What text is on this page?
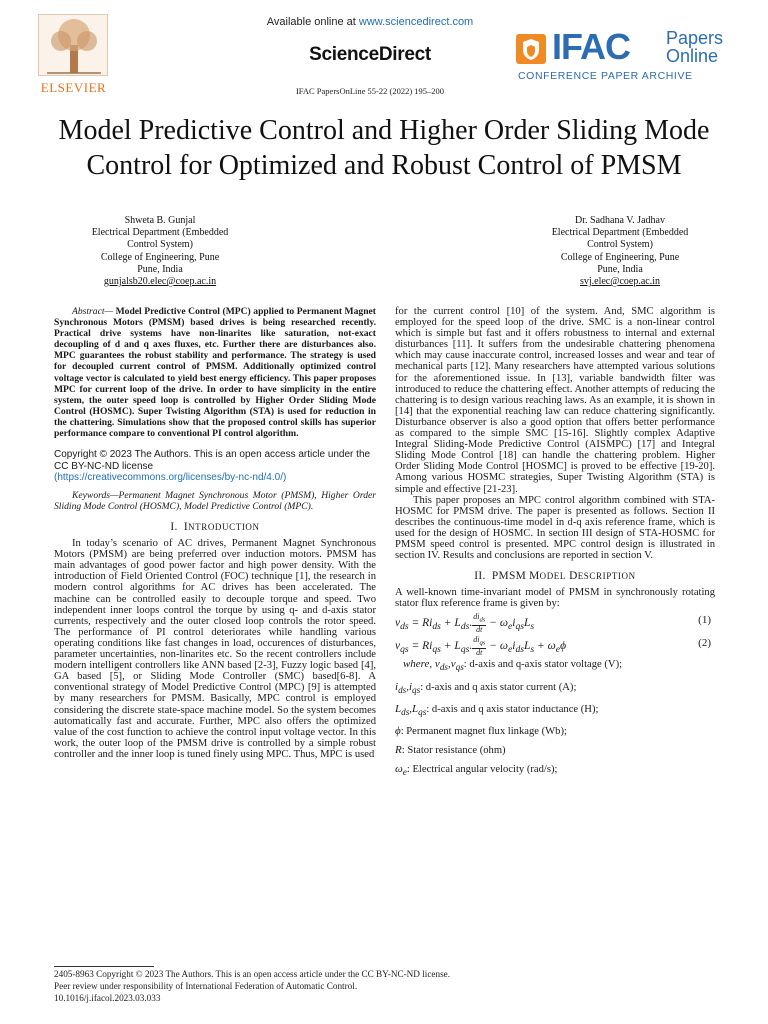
ELSEVIER
Available online at www.sciencedirect.com
ScienceDirect
IFAC PapersOnLine 55-22 (2022) 195–200
IFAC Papers
Online
CONFERENCE PAPER ARCHIVE
Model Predictive Control and Higher Order Sliding Mode Control for Optimized and Robust Control of PMSM
Shweta B. Gunjal
Electrical Department (Embedded
Control System)
College of Engineering, Pune
Pune, India
gunjalsb20.elec@coep.ac.in
Dr. Sadhana V. Jadhav
Electrical Department (Embedded
Control System)
College of Engineering, Pune
Pune, India
svj.elec@coep.ac.in

Abstract— Model Predictive Control (MPC) applied to Permanent Magnet Synchronous Motors (PMSM) based drives is being researched recently. Practical drive systems have non-linarites like saturation, not-exact decoupling of d and q axes fluxes, etc. Further there are disturbances also. MPC guarantees the robust stability and performance. The strategy is used for decoupled current control of PMSM. Additionally optimized control voltage vector is calculated to yield best energy efficiency. This paper proposes MPC for current loop of the drive. In order to have simplicity in the entire system, the outer speed loop is controlled by Higher Order Sliding Mode Control (HOSMC). Super Twisting Algorithm (STA) is used for reduction in the chattering. Simulations show that the proposed control skills has superior performance compare to conventional PI control algorithm.

Copyright © 2023 The Authors. This is an open access article under the CC BY-NC-ND license
(https://creativecommons.org/licenses/by-nc-nd/4.0/)

Keywords—Permanent Magnet Synchronous Motor (PMSM), Higher Order Sliding Mode Control (HOSMC), Model Predictive Control (MPC).

I. INTRODUCTION

In today’s scenario of AC drives, Permanent Magnet Synchronous Motors (PMSM) are being preferred over induction motors. PMSM has main advantages of good power factor and high power density. With the introduction of Field Oriented Control (FOC) technique [1], the research in modern control algorithms for AC drives has been accelerated. The machine can be controlled easily to decouple torque and speed. Two independent inner loops control the torque by using q- and d-axis stator currents, respectively and the outer closed loop controls the rotor speed. The performance of PI control deteriorates while handling various operating conditions like fast changes in load, occurences of disturbances, parameter uncertainties, non-linarites etc. So the recent controllers include modern intelligent controllers like ANN based [2-3], Fuzzy logic based [4], GA based [5], or Sliding Mode Controller (SMC) based[6-8]. A conventional strategy of Model Predictive Control (MPC) [9] is attempted by many researchers for PMSM. Basically, MPC control is employed considering the discrete state-space machine model. So the system becomes automatically fast and accurate. Further, MPC also offers the optimized value of the cost function to achieve the control input voltage vector. In this work, the outer loop of the PMSM drive is controlled by a simple robust controller and the inner loop is tuned finely using MPC. Thus, MPC is used

for the current control [10] of the system. And, SMC algorithm is employed for the speed loop of the drive. SMC is a non-linear control which is simple but fast and it offers robustness to internal and external disturbances [11]. It suffers from the undesirable chattering phenomena which may cause inaccurate control, increased losses and wear and tear of mechanical parts [12]. Many researchers have attempted various solutions for the aforementioned issue. In [13], variable bandwidth filter was introduced to reduce the chattering effect. Another attempts of reducing the chattering is to design various reaching laws. As an example, it is shown in [14] that the exponential reaching law can reduce chattering significantly. Disturbance observer is also a good option that offers better performance as compared to the simple SMC [15-16]. Slightly complex Adaptive Integral Sliding-Mode Predictive Control (AISMPC) [17] and Integral Sliding Mode Control [18] can handle the chattering problem. Higher Order Sliding Mode Control [HOSMC] is proved to be effective [19-20]. Among various HOSMC strategies, Super Twisting Algorithm (STA) is simple and effective [21-23].

This paper proposes an MPC control algorithm combined with STA-HOSMC for PMSM drive. The paper is presented as follows. Section II describes the continuous-time model in d-q axis reference frame, which is used for the design of HOSMC. In section III design of STA-HOSMC for PMSM speed control is presented. MPC control design is illustrated in section IV. Results and conclusions are reported in section V.

II. PMSM MODEL DESCRIPTION

A well-known time-invariant model of PMSM in synchronously rotating stator flux reference frame is given by:

$v_{ds} = Ri_{ds} + L_{ds}$. $\frac{di_{ds}}{dt} - \omega_ei_{qs}L_s$
(1)
$v_{qs} = Ri_{qs} + L_{qs}$. $\frac{di_{qs}}{dt} - \omega_ei_{ds}L_s + \omega_e\phi$	(2)
where, $v_{ds},v_{qs}$: d-axis and q-axis stator voltage (V);
$i_{ds},i_{qs}$: d-axis and q axis stator current (A);
$L_{ds},L_{qs}$: d-axis and q axis stator inductance (H);
ϕ: Permanent magnet flux linkage (Wb);
R: Stator resistance (ohm)
$\omega_e$: Electrical angular velocity (rad/s);
2405-8963 Copyright © 2023 The Authors. This is an open access article under the CC BY-NC-ND license.
Peer review under responsibility of International Federation of Automatic Control.
10.1016/j.ifacol.2023.03.033
